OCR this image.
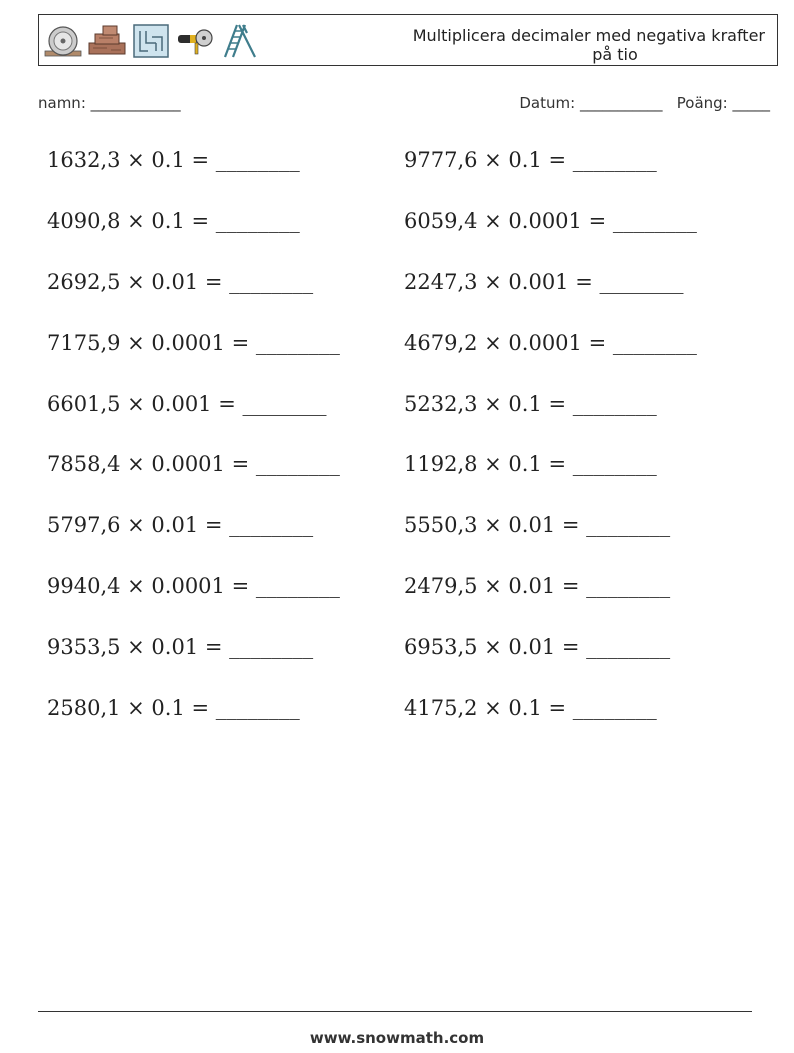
Multiplicera decimaler med negativa krafter
på tio
namn: ____________	Datum: ___________ Poäng: _____
1632,3 × 0.1 = ________	9777,6 × 0.1 = ________
4090,8 × 0.1 = ________	6059,4 × 0.0001 = ________
2692,5 × 0.01 = ________	2247,3 × 0.001 = ________
7175,9 × 0.0001 = ________	4679,2 × 0.0001 = ________
6601,5 × 0.001 = ________	5232,3 × 0.1 = ________
7858,4 × 0.0001 = ________	1192,8 × 0.1 = ________
5797,6 × 0.01 = ________	5550,3 × 0.01 = ________
9940,4 × 0.0001 = ________	2479,5 × 0.01 = ________
9353,5 × 0.01 = ________	6953,5 × 0.01 = ________
2580,1 × 0.1 = ________	4175,2 × 0.1 = ________
www.snowmath.com
